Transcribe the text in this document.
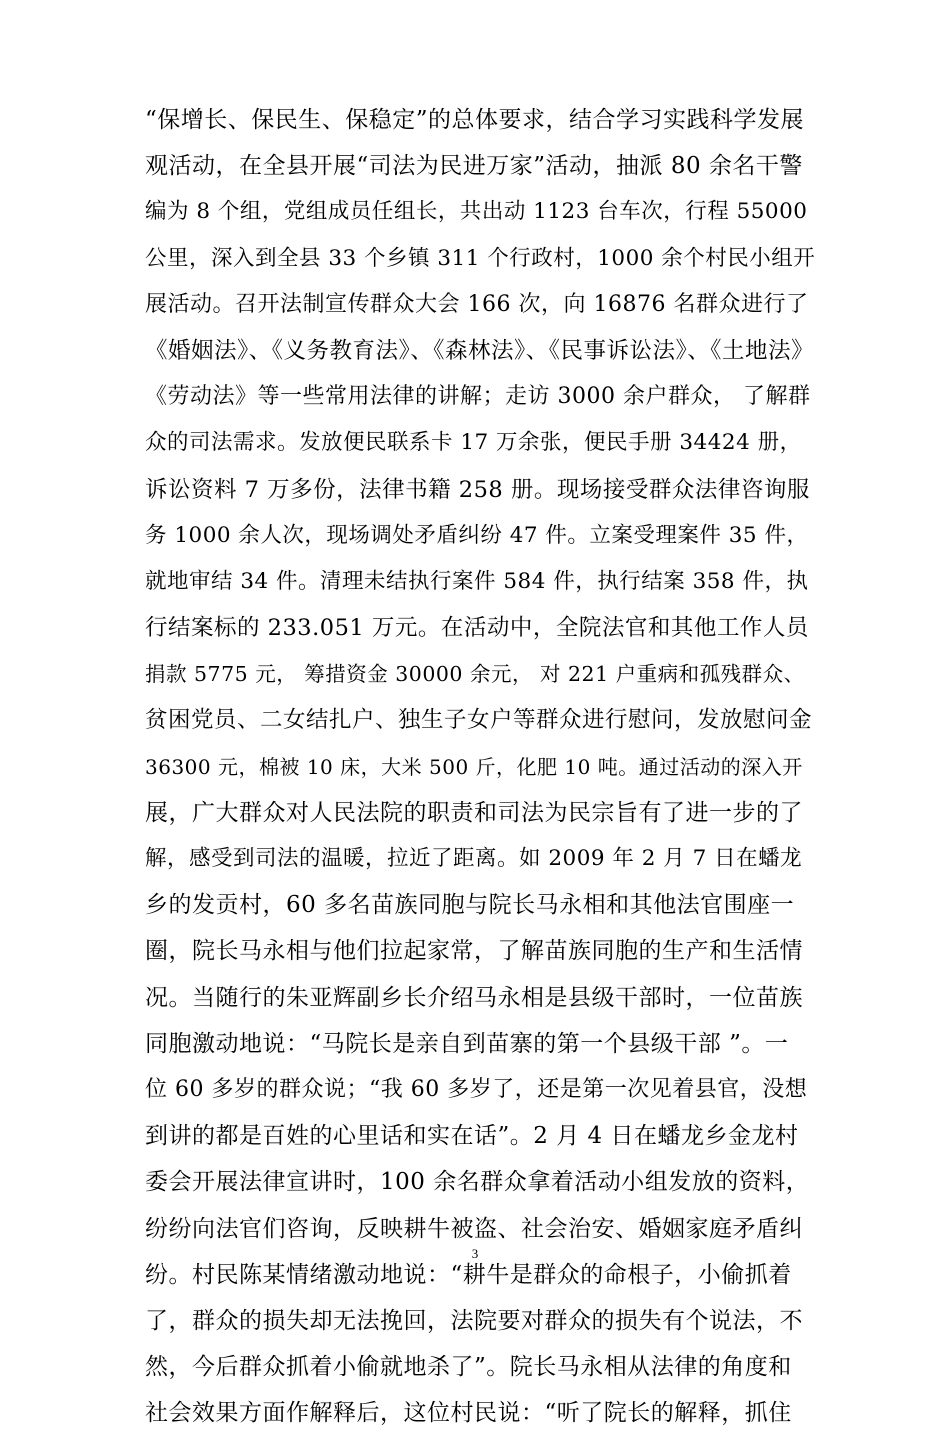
“保增长、保民生、保稳定”的总体要求，结合学习实践科学发展
观活动，在全县开展“司法为民进万家”活动，抽派 80 余名干警
编为 8 个组，党组成员任组长，共出动 1123 台车次，行程 55000
公里，深入到全县 33 个乡镇 311 个行政村，1000 余个村民小组开
展活动。召开法制宣传群众大会 166 次，向 16876 名群众进行了
《婚姻法》、《义务教育法》、《森林法》、《民事诉讼法》、《土地法》
《劳动法》等一些常用法律的讲解；走访 3000 余户群众， 了解群
众的司法需求。发放便民联系卡 17 万余张，便民手册 34424 册，
诉讼资料 7 万多份，法律书籍 258 册。现场接受群众法律咨询服
务 1000 余人次，现场调处矛盾纠纷 47 件。立案受理案件 35 件，
就地审结 34 件。清理未结执行案件 584 件，执行结案 358 件，执
行结案标的 233.051 万元。在活动中，全院法官和其他工作人员
捐款 5775 元， 筹措资金 30000 余元， 对 221 户重病和孤残群众、
贫困党员、二女结扎户、独生子女户等群众进行慰问，发放慰问金
36300 元，棉被 10 床，大米 500 斤，化肥 10 吨。通过活动的深入开
展，广大群众对人民法院的职责和司法为民宗旨有了进一步的了
解，感受到司法的温暖，拉近了距离。如 2009 年 2 月 7 日在蟠龙
乡的发贡村，60 多名苗族同胞与院长马永相和其他法官围座一
圈，院长马永相与他们拉起家常，了解苗族同胞的生产和生活情
况。当随行的朱亚辉副乡长介绍马永相是县级干部时，一位苗族
同胞激动地说：“马院长是亲自到苗寨的第一个县级干部 ”。一
位 60 多岁的群众说；“我 60 多岁了，还是第一次见着县官，没想
到讲的都是百姓的心里话和实在话”。2 月 4 日在蟠龙乡金龙村
委会开展法律宣讲时，100 余名群众拿着活动小组发放的资料，
纷纷向法官们咨询，反映耕牛被盗、社会治安、婚姻家庭矛盾纠
纷。村民陈某情绪激动地说：“耕牛是群众的命根子，小偷抓着
了，群众的损失却无法挽回，法院要对群众的损失有个说法，不
然，今后群众抓着小偷就地杀了”。院长马永相从法律的角度和
社会效果方面作解释后，这位村民说：“听了院长的解释，抓住
3
